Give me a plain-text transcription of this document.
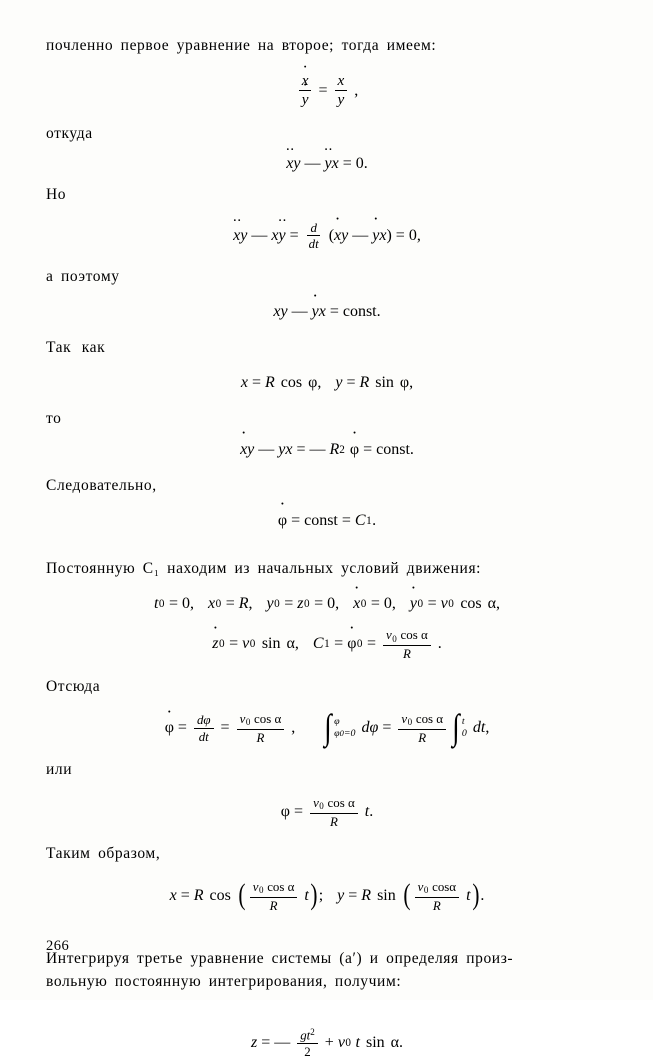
почленно первое уравнение на второе; тогда имеем:

· x
· $y = \frac{x}{y}$ ,

откуда

·· x y — ·· y x = 0.

Но

·· x y — $x \cdot\cdot y = \frac{d}{dt}$ ( · x y — · y x ) = 0,

а поэтому

x y — · y x = const.

Так как

x = R cos φ, y = R sin φ,

то

· x y — yx = — R 2 · φ = const.

Следовательно,

· φ = const = C 1 .

Постоянную C₁ находим из начальных условий движения:

t 0 = 0, x 0 = R , y 0 = z 0 = 0, · x 0 = 0, · y 0 = v 0 cos α,
· z 0 = v 0 sin α, C 1 = · φ $0 = \frac{v_0 \cos \alpha}{R}$ .

Отсюда

· $\varphi = \frac{d\varphi}{dt} = \frac{v_0 \cos \alpha}{R}$ , ∫ φ
φ0=0 $d\varphi = \frac{v_0 \cos \alpha}{R}$ ∫ t
0 dt ,

или

$\varphi = \frac{v_0 \cos \alpha}{R}$ t .

Таким образом,

x = R cos ( $\frac{v_0 \cos \alpha}{R}$ t ) ; y = R sin ( $\frac{v_0 \cos\alpha}{R}$ t ) .

Интегрируя третье уравнение системы (а′) и определяя произ-

вольную постоянную интегрирования, получим:

z = — $\frac{gt^2}{2} + v$ 0 t sin α.
266
